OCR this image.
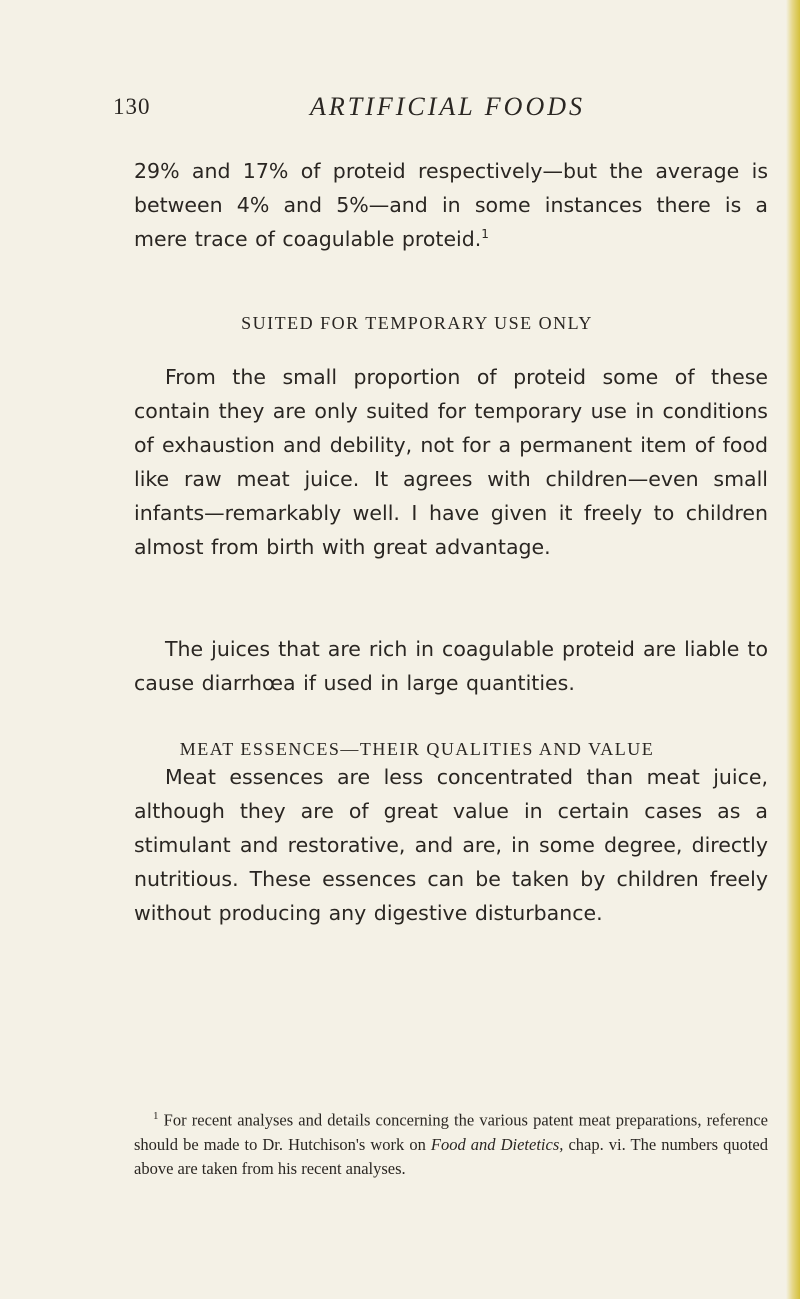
130	ARTIFICIAL FOODS

29% and 17% of proteid respectively—but the average is between 4% and 5%—and in some instances there is a mere trace of coagulable proteid.$^1$

SUITED FOR TEMPORARY USE ONLY

From the small proportion of proteid some of these contain they are only suited for temporary use in conditions of exhaustion and debility, not for a permanent item of food like raw meat juice. It agrees with children—even small infants—remarkably well. I have given it freely to children almost from birth with great advantage.

The juices that are rich in coagulable proteid are liable to cause diarrhœa if used in large quantities.

MEAT ESSENCES—THEIR QUALITIES AND VALUE

Meat essences are less concentrated than meat juice, although they are of great value in certain cases as a stimulant and restorative, and are, in some degree, directly nutritious. These essences can be taken by children freely without producing any digestive disturbance.

$^1$ For recent analyses and details concerning the various patent meat preparations, reference should be made to Dr. Hutchison's work on Food and Dietetics, chap. vi. The numbers quoted above are taken from his recent analyses.
